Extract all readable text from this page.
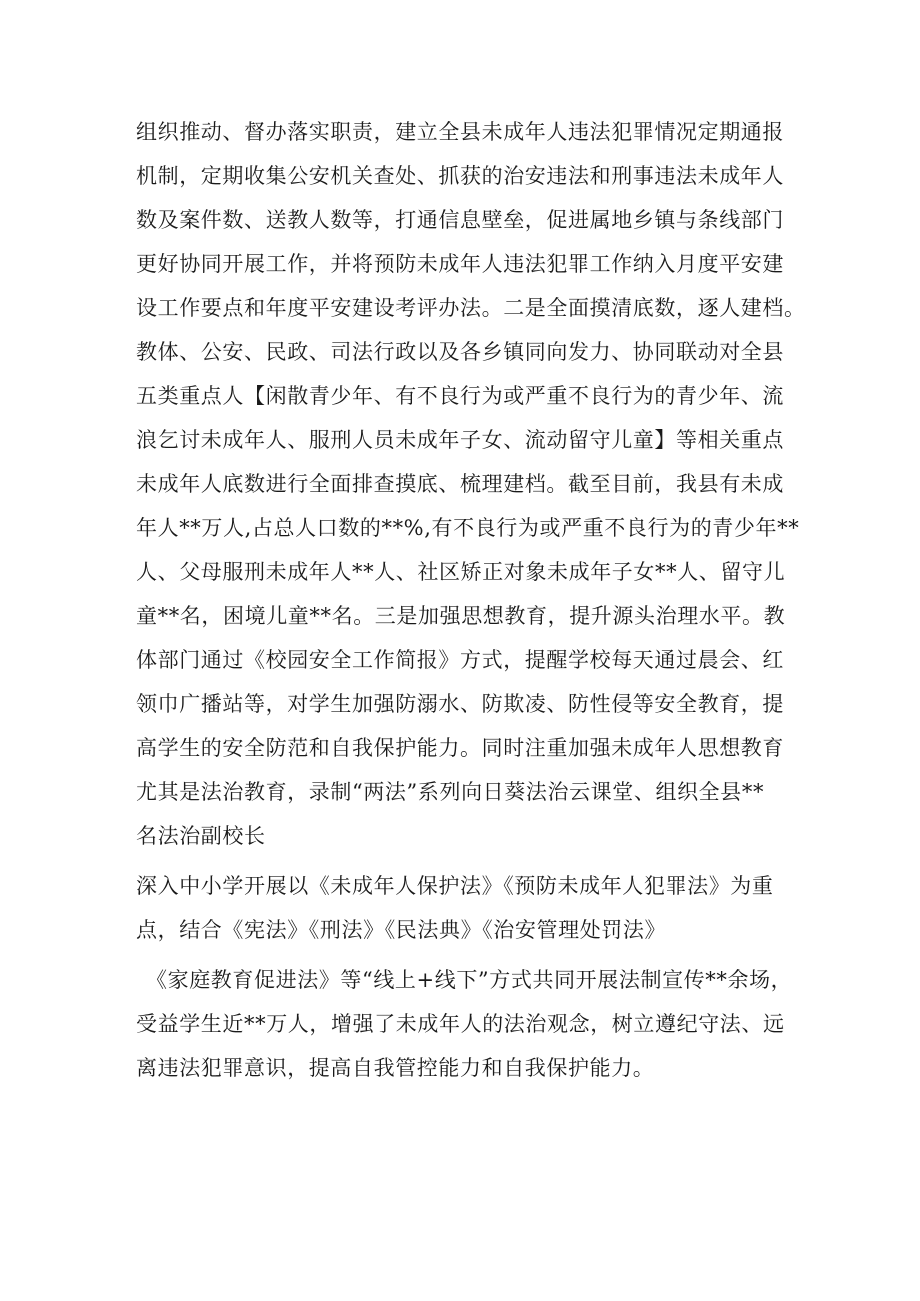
组织推动、督办落实职责，建立全县未成年人违法犯罪情况定期通报
机制，定期收集公安机关查处、抓获的治安违法和刑事违法未成年人
数及案件数、送教人数等，打通信息壁垒，促进属地乡镇与条线部门
更好协同开展工作，并将预防未成年人违法犯罪工作纳入月度平安建
设工作要点和年度平安建设考评办法。二是全面摸清底数，逐人建档。
教体、公安、民政、司法行政以及各乡镇同向发力、协同联动对全县
五类重点人【闲散青少年、有不良行为或严重不良行为的青少年、流
浪乞讨未成年人、服刑人员未成年子女、流动留守儿童】等相关重点
未成年人底数进行全面排查摸底、梳理建档。截至目前，我县有未成
年人**万人,占总人口数的**%,有不良行为或严重不良行为的青少年**
人、父母服刑未成年人**人、社区矫正对象未成年子女**人、留守儿
童**名，困境儿童**名。三是加强思想教育，提升源头治理水平。教
体部门通过《校园安全工作简报》方式，提醒学校每天通过晨会、红
领巾广播站等，对学生加强防溺水、防欺凌、防性侵等安全教育，提
高学生的安全防范和自我保护能力。同时注重加强未成年人思想教育
尤其是法治教育，录制“两法”系列向日葵法治云课堂、组织全县**
名法治副校长
深入中小学开展以《未成年人保护法》《预防未成年人犯罪法》为重
点，结合《宪法》《刑法》《民法典》《治安管理处罚法》
《家庭教育促进法》等“线上+线下”方式共同开展法制宣传**余场，
受益学生近**万人，增强了未成年人的法治观念，树立遵纪守法、远
离违法犯罪意识，提高自我管控能力和自我保护能力。
